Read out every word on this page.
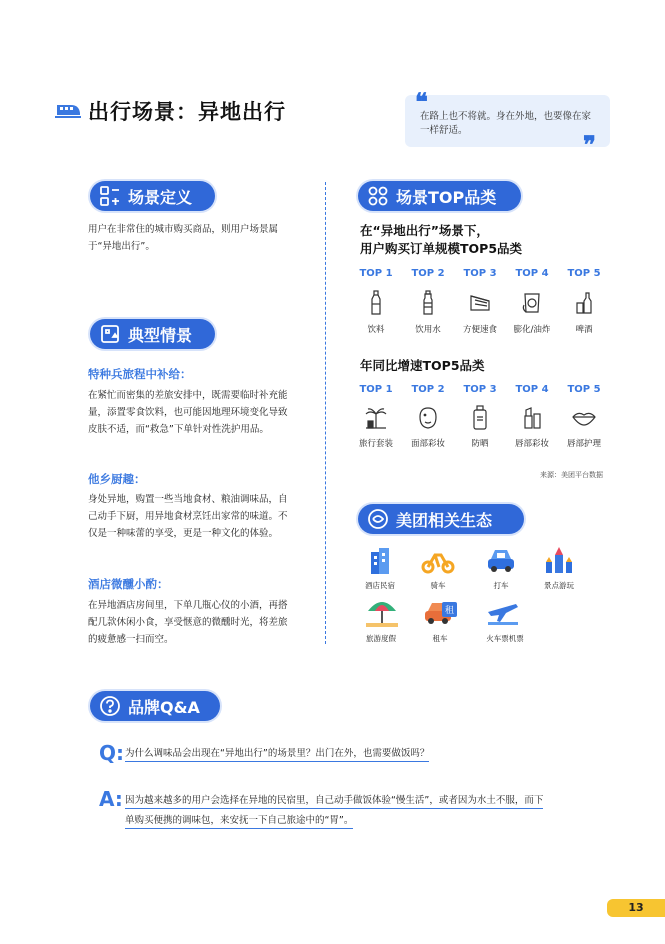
出行场景：异地出行	在路上也不将就。身在外地，也要像在家一样舒适。
❝
❞
场景定义
用户在非常住的城市购买商品，则用户场景属于“异地出行”。
典型情景
特种兵旅程中补给：
在紧忙而密集的差旅安排中，既需要临时补充能量，添置零食饮料，也可能因地理环境变化导致皮肤不适，而“救急”下单针对性洗护用品。
他乡厨趣：
身处异地，购置一些当地食材、粮油调味品，自己动手下厨，用异地食材烹饪出家常的味道。不仅是一种味蕾的享受，更是一种文化的体验。
酒店微醺小酌：
在异地酒店房间里，下单几瓶心仪的小酒，再搭配几款休闲小食，享受惬意的微醺时光，将差旅的疲惫感一扫而空。
场景TOP品类
在“异地出行”场景下，
用户购买订单规模TOP5品类
TOP 1	TOP 2	TOP 3	TOP 4	TOP 5
饮料	饮用水	方便速食	膨化/油炸	啤酒
年同比增速TOP5品类
TOP 1	TOP 2	TOP 3	TOP 4	TOP 5
旅行套装	面部彩妆	防晒	唇部彩妆	唇部护理
来源：美团平台数据
美团相关生态
租
酒店民宿	骑车	打车	景点游玩
旅游度假	租车	火车票机票
品牌Q&A
Q: 为什么调味品会出现在“异地出行”的场景里？出门在外，也需要做饭吗？
A: 因为越来越多的用户会选择在异地的民宿里，自己动手做饭体验“慢生活”，或者因为水土不服，而下
单购买便携的调味包，来安抚一下自己旅途中的“胃”。
13
